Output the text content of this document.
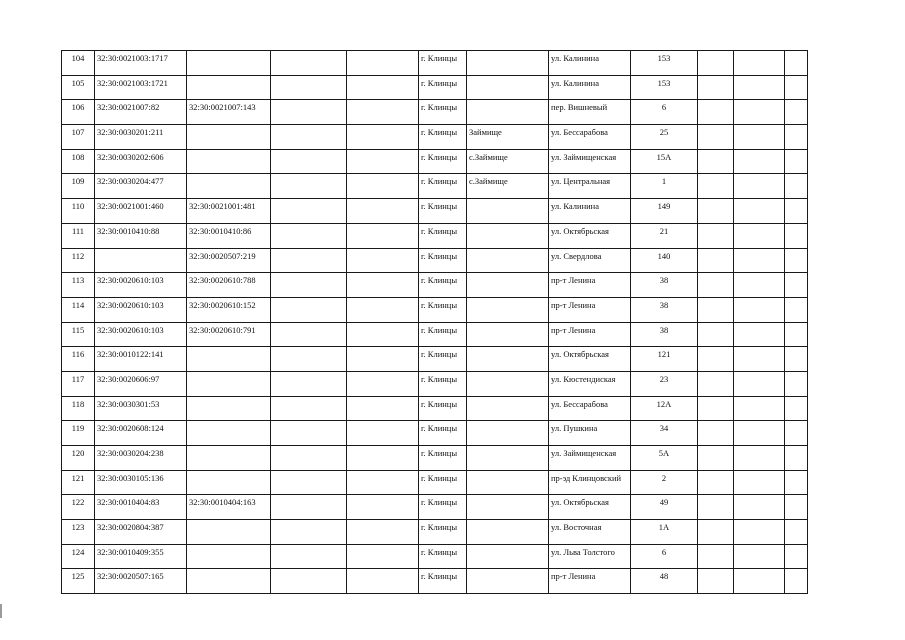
104	32:30:0021003:1717				г. Клинцы		ул. Калинина	153			
105	32:30:0021003:1721				г. Клинцы		ул. Калинина	153			
106	32:30:0021007:82	32:30:0021007:143			г. Клинцы		пер. Вишневый	6			
107	32:30:0030201:211				г. Клинцы	Займище	ул. Бессарабова	25			
108	32:30:0030202:606				г. Клинцы	с.Займище	ул. Займищенская	15А			
109	32:30:0030204:477				г. Клинцы	с.Займище	ул. Центральная	1			
110	32:30:0021001:460	32:30:0021001:481			г. Клинцы		ул. Калинина	149			
111	32:30:0010410:88	32:30:0010410:86			г. Клинцы		ул. Октябрьская	21			
112		32:30:0020507:219			г. Клинцы		ул. Свердлова	140			
113	32:30:0020610:103	32:30:0020610:788			г. Клинцы		пр-т Ленина	38			
114	32:30:0020610:103	32:30:0020610:152			г. Клинцы		пр-т Ленина	38			
115	32:30:0020610:103	32:30:0020610:791			г. Клинцы		пр-т Ленина	38			
116	32:30:0010122:141				г. Клинцы		ул. Октябрьская	121			
117	32:30:0020606:97				г. Клинцы		ул. Кюстендиская	23			
118	32:30:0030301:53				г. Клинцы		ул. Бессарабова	12А			
119	32:30:0020608:124				г. Клинцы		ул. Пушкина	34			
120	32:30:0030204:238				г. Клинцы		ул. Займищенская	5А			
121	32:30:0030105:136				г. Клинцы		пр-эд Клинцовский	2			
122	32:30:0010404:83	32:30:0010404:163			г. Клинцы		ул. Октябрьская	49			
123	32:30:0020804:387				г. Клинцы		ул. Восточная	1А			
124	32:30:0010409:355				г. Клинцы		ул. Льва Толстого	6			
125	32:30:0020507:165				г. Клинцы		пр-т Ленина	48			
